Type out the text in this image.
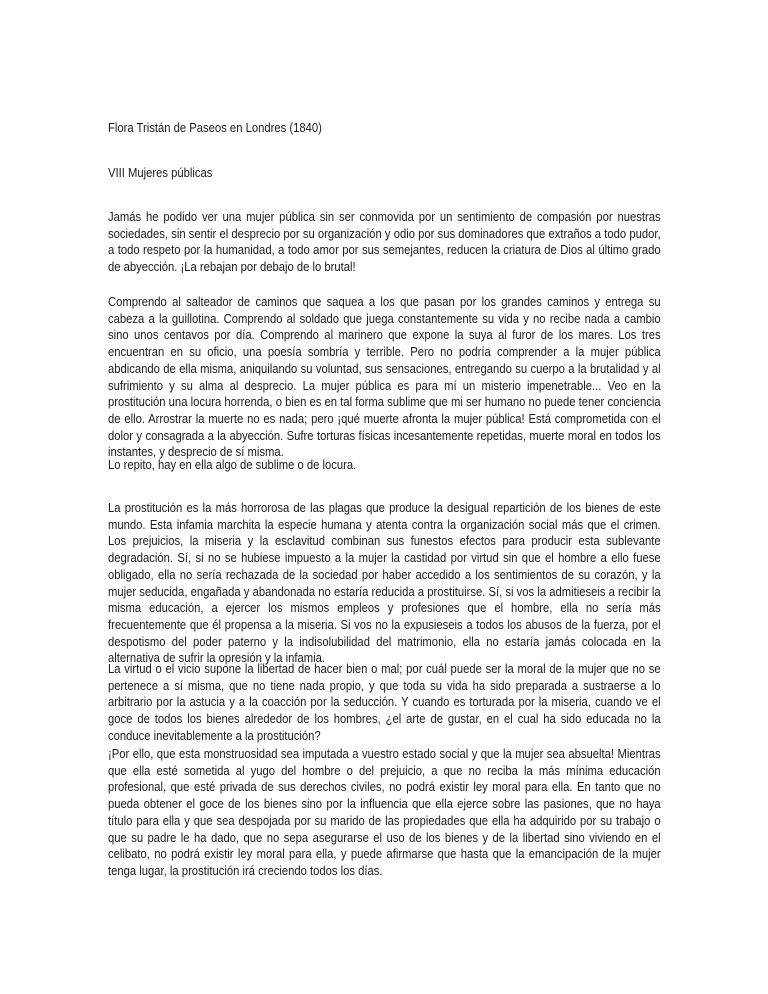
Flora Tristán de Paseos en Londres (1840)
VIII Mujeres públicas

Jamás he podido ver una mujer pública sin ser conmovida por un sentimiento de compasión por nuestras sociedades, sin sentir el desprecio por su organización y odio por sus dominadores que extraños a todo pudor, a todo respeto por la humanidad, a todo amor por sus semejantes, reducen la criatura de Dios al último grado de abyección. ¡La rebajan por debajo de lo brutal!

Comprendo al salteador de caminos que saquea a los que pasan por los grandes caminos y entrega su cabeza a la guillotina. Comprendo al soldado que juega constantemente su vida y no recibe nada a cambio sino unos centavos por día. Comprendo al marinero que expone la suya al furor de los mares. Los tres encuentran en su oficio, una poesía sombría y terrible. Pero no podría comprender a la mujer pública abdicando de ella misma, aniquilando su voluntad, sus sensaciones, entregando su cuerpo a la brutalidad y al sufrimiento y su alma al desprecio. La mujer pública es para mí un misterio impenetrable... Veo en la prostitución una locura horrenda, o bien es en tal forma sublime que mi ser humano no puede tener conciencia de ello. Arrostrar la muerte no es nada; pero ¡qué muerte afronta la mujer pública! Está comprometida con el dolor y consagrada a la abyección. Sufre torturas físicas incesantemente repetidas, muerte moral en todos los instantes, y desprecio de sí misma.

Lo repito, hay en ella algo de sublime o de locura.

La prostitución es la más horrorosa de las plagas que produce la desigual repartición de los bienes de este mundo. Esta infamia marchita la especie humana y atenta contra la organización social más que el crimen. Los prejuicios, la miseria y la esclavitud combinan sus funestos efectos para producir esta sublevante degradación. Sí, si no se hubiese impuesto a la mujer la castidad por virtud sin que el hombre a ello fuese obligado, ella no sería rechazada de la sociedad por haber accedido a los sentimientos de su corazón, y la mujer seducida, engañada y abandonada no estaría reducida a prostituirse. Sí, si vos la admitieseis a recibir la misma educación, a ejercer los mismos empleos y profesiones que el hombre, ella no sería más frecuentemente que él propensa a la miseria. Si vos no la expusieseis a todos los abusos de la fuerza, por el despotismo del poder paterno y la indisolubilidad del matrimonio, ella no estaría jamás colocada en la alternativa de sufrir la opresión y la infamia.

La virtud o el vicio supone la libertad de hacer bien o mal; por cuál puede ser la moral de la mujer que no se pertenece a sí misma, que no tiene nada propio, y que toda su vida ha sido preparada a sustraerse a lo arbitrario por la astucia y a la coacción por la seducción. Y cuando es torturada por la miseria, cuando ve el goce de todos los bienes alrededor de los hombres, ¿el arte de gustar, en el cual ha sido educada no la conduce inevitablemente a la prostitución?

¡Por ello, que esta monstruosidad sea imputada a vuestro estado social y que la mujer sea absuelta! Mientras que ella esté sometida al yugo del hombre o del prejuicio, a que no reciba la más mínima educación profesional, que esté privada de sus derechos civiles, no podrá existir ley moral para ella. En tanto que no pueda obtener el goce de los bienes sino por la influencia que ella ejerce sobre las pasiones, que no haya título para ella y que sea despojada por su marido de las propiedades que ella ha adquirido por su trabajo o que su padre le ha dado, que no sepa asegurarse el uso de los bienes y de la libertad sino viviendo en el celibato, no podrá existir ley moral para ella, y puede afirmarse que hasta que la emancipación de la mujer tenga lugar, la prostitución irá creciendo todos los días.
